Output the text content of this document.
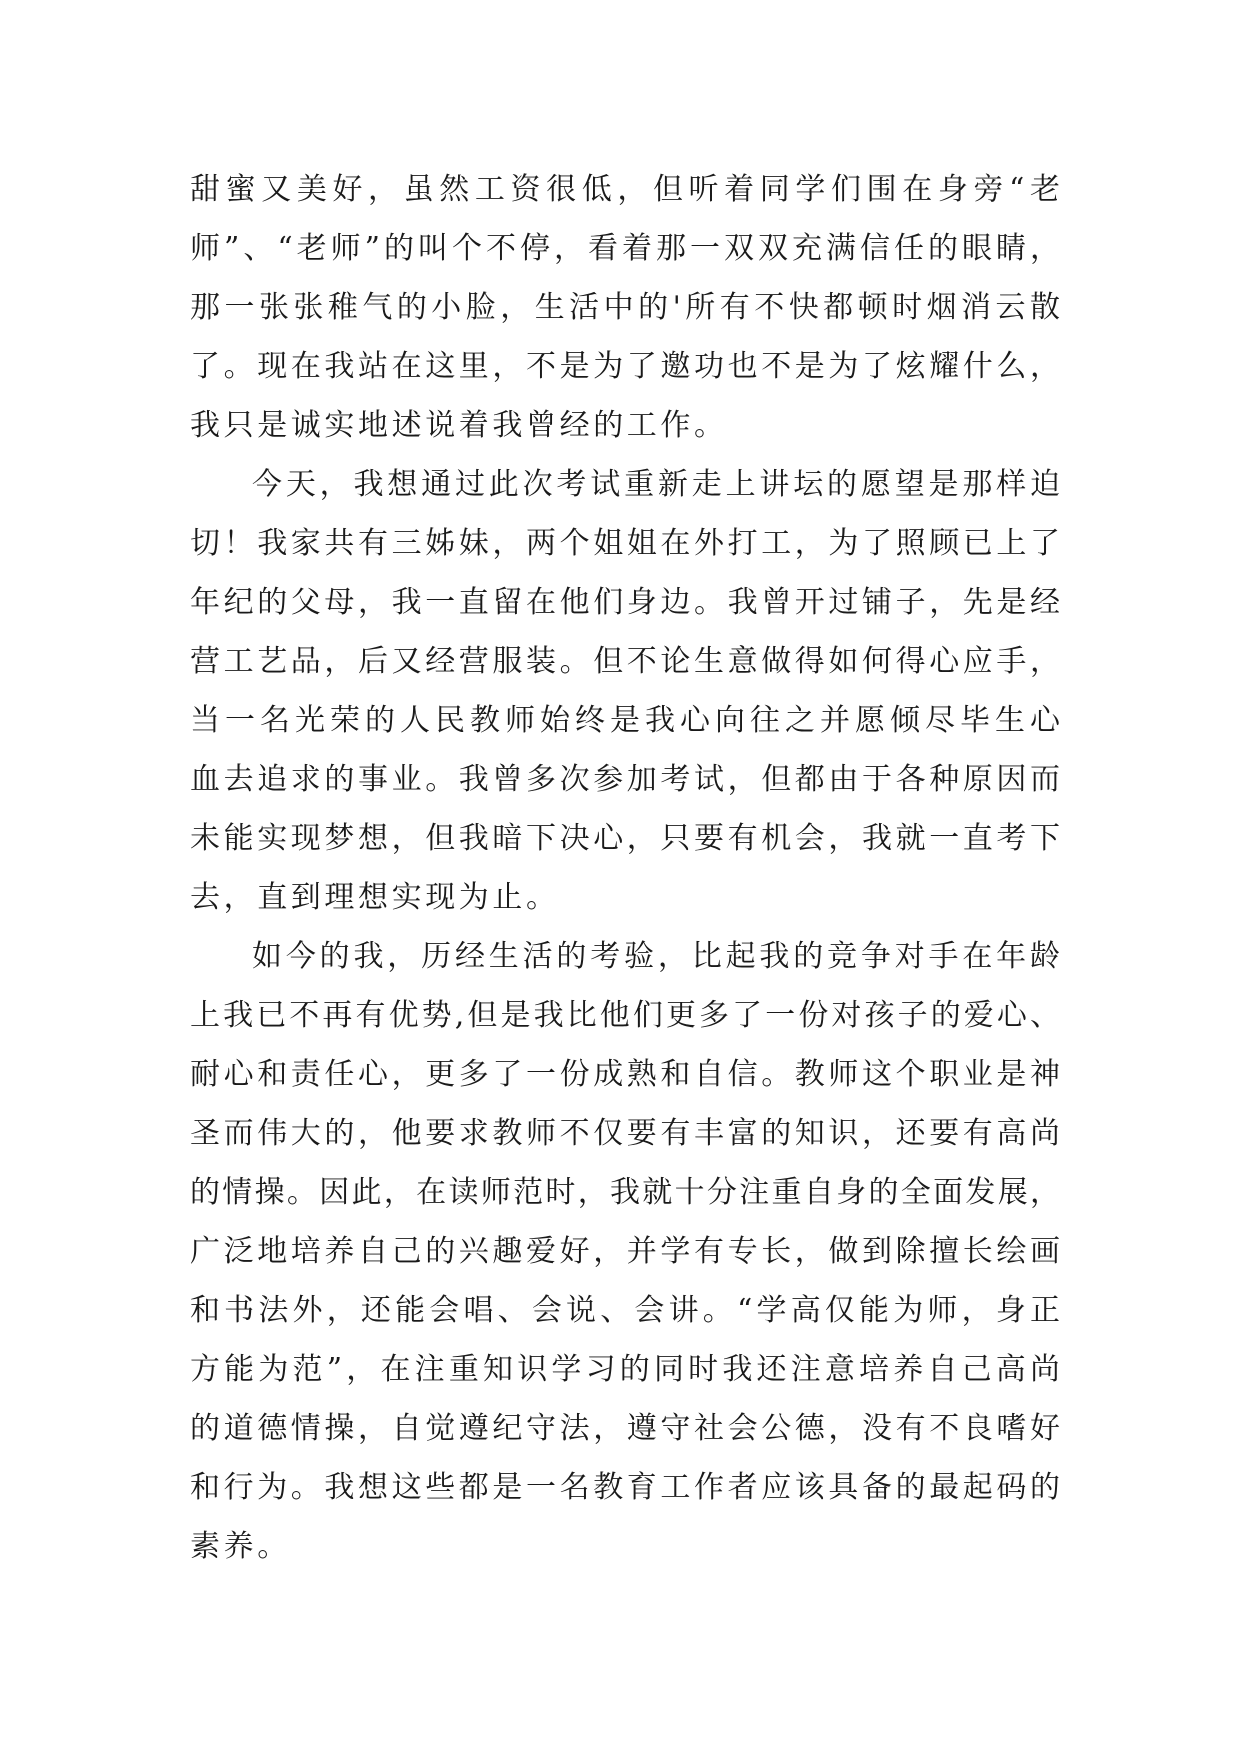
甜蜜又美好，虽然工资很低，但听着同学们围在身旁“老
师”、“老师”的叫个不停，看着那一双双充满信任的眼睛，
那一张张稚气的小脸，生活中的'所有不快都顿时烟消云散
了。现在我站在这里，不是为了邀功也不是为了炫耀什么，
我只是诚实地述说着我曾经的工作。
今天，我想通过此次考试重新走上讲坛的愿望是那样迫
切！我家共有三姊妹，两个姐姐在外打工，为了照顾已上了
年纪的父母，我一直留在他们身边。我曾开过铺子，先是经
营工艺品，后又经营服装。但不论生意做得如何得心应手，
当一名光荣的人民教师始终是我心向往之并愿倾尽毕生心
血去追求的事业。我曾多次参加考试，但都由于各种原因而
未能实现梦想，但我暗下决心，只要有机会，我就一直考下
去，直到理想实现为止。
如今的我，历经生活的考验，比起我的竞争对手在年龄
上我已不再有优势,但是我比他们更多了一份对孩子的爱心、
耐心和责任心，更多了一份成熟和自信。教师这个职业是神
圣而伟大的，他要求教师不仅要有丰富的知识，还要有高尚
的情操。因此，在读师范时，我就十分注重自身的全面发展，
广泛地培养自己的兴趣爱好，并学有专长，做到除擅长绘画
和书法外，还能会唱、会说、会讲。“学高仅能为师，身正
方能为范”，在注重知识学习的同时我还注意培养自己高尚
的道德情操，自觉遵纪守法，遵守社会公德，没有不良嗜好
和行为。我想这些都是一名教育工作者应该具备的最起码的
素养。
